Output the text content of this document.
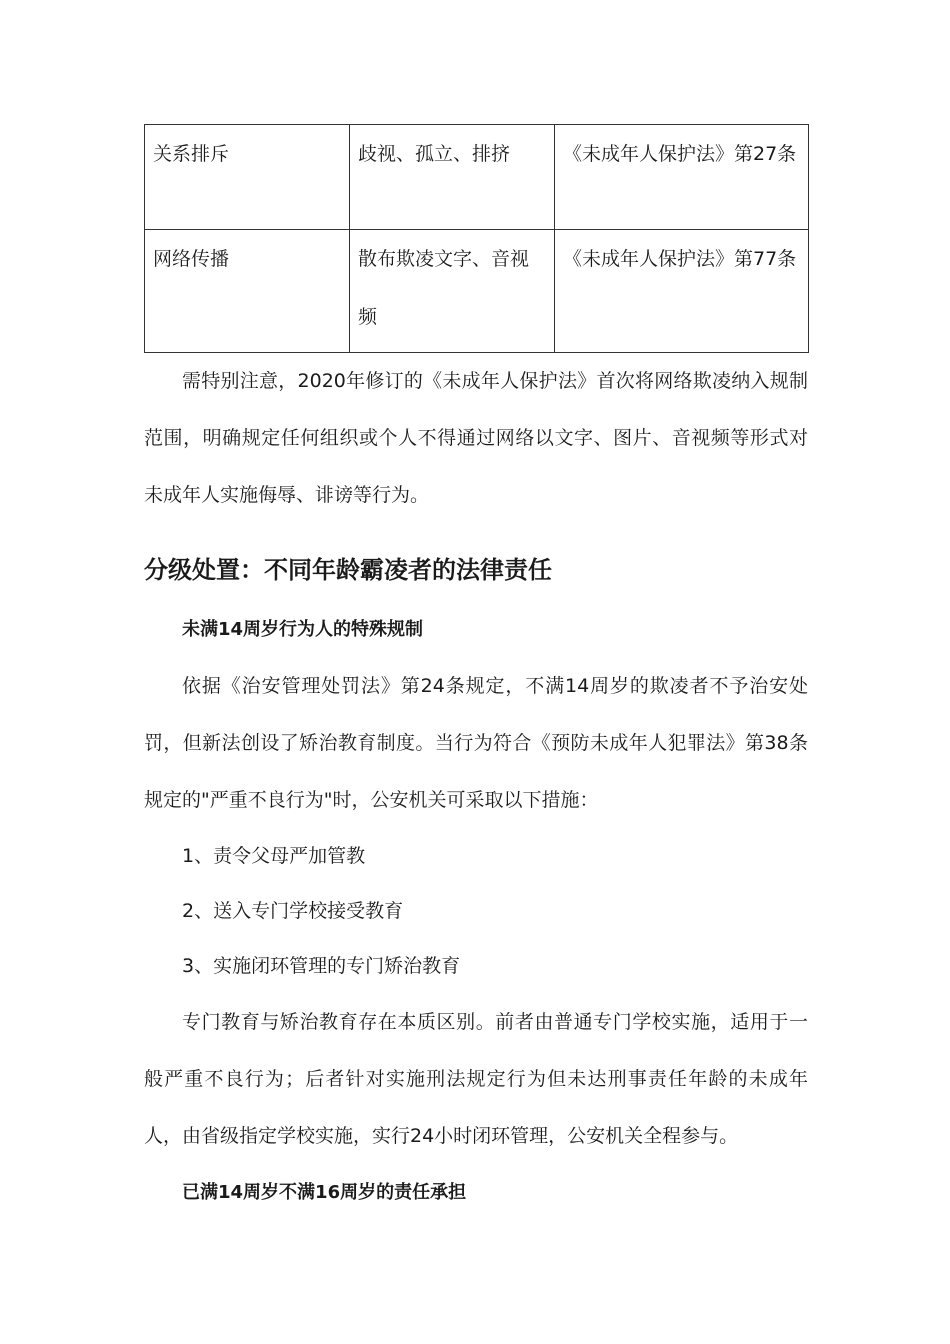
关系排斥	歧视、孤立、排挤	《未成年人保护法》第27条

网络传播	散布欺凌文字、音视频	《未成年人保护法》第77条

需特别注意，2020年修订的《未成年人保护法》首次将网络欺凌纳入规制范围，明确规定任何组织或个人不得通过网络以文字、图片、音视频等形式对未成年人实施侮辱、诽谤等行为。

分级处置：不同年龄霸凌者的法律责任
未满14周岁行为人的特殊规制

依据《治安管理处罚法》第24条规定，不满14周岁的欺凌者不予治安处罚，但新法创设了矫治教育制度。当行为符合《预防未成年人犯罪法》第38条规定的"严重不良行为"时，公安机关可采取以下措施：

1、责令父母严加管教
2、送入专门学校接受教育
3、实施闭环管理的专门矫治教育

专门教育与矫治教育存在本质区别。前者由普通专门学校实施，适用于一般严重不良行为；后者针对实施刑法规定行为但未达刑事责任年龄的未成年人，由省级指定学校实施，实行24小时闭环管理，公安机关全程参与。

已满14周岁不满16周岁的责任承担
